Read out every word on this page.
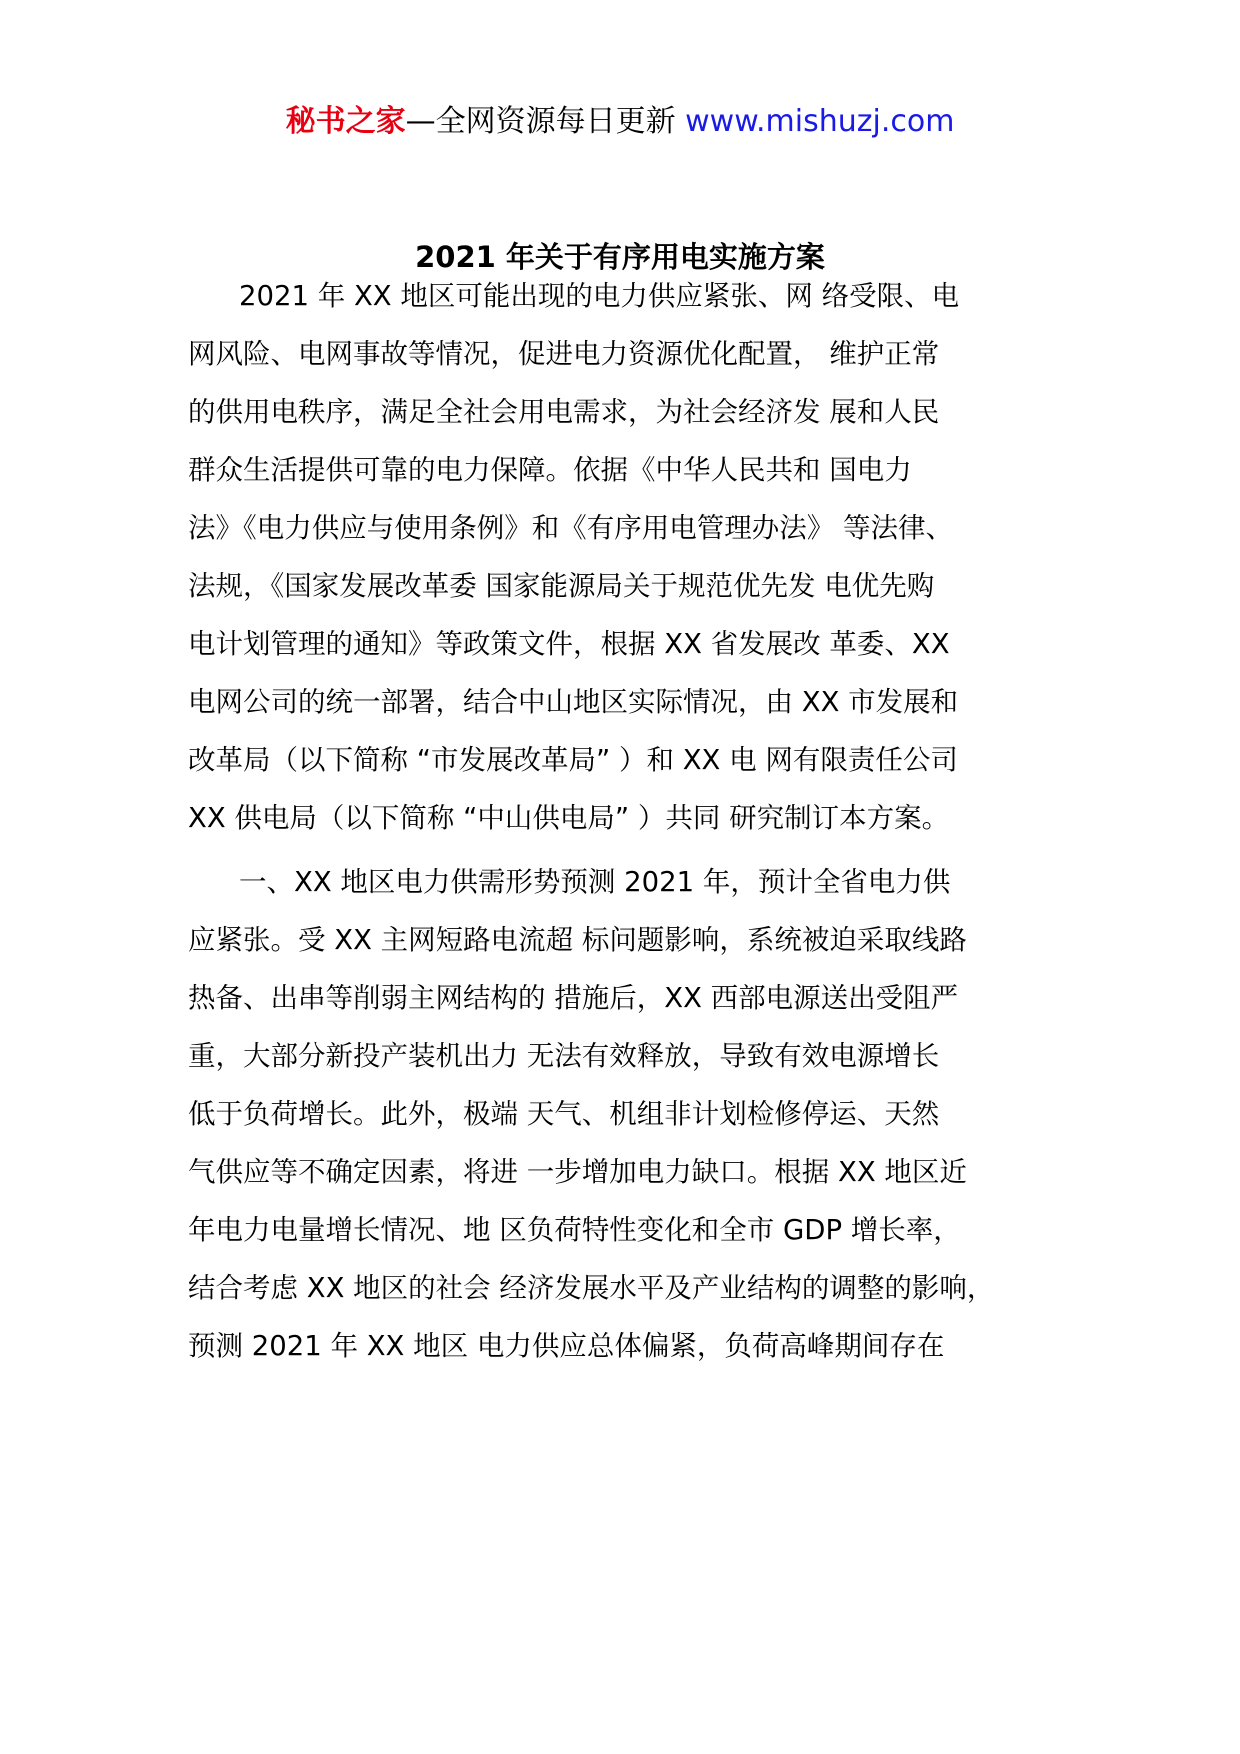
秘书之家—全网资源每日更新 www.mishuzj.com
2021 年关于有序用电实施方案
2021 年 XX 地区可能出现的电力供应紧张、网 络受限、电
网风险、电网事故等情况，促进电力资源优化配置， 维护正常
的供用电秩序，满足全社会用电需求，为社会经济发 展和人民
群众生活提供可靠的电力保障。依据《中华人民共和 国电力
法》《电力供应与使用条例》和《有序用电管理办法》 等法律、
法规，《国家发展改革委 国家能源局关于规范优先发 电优先购
电计划管理的通知》等政策文件，根据 XX 省发展改 革委、XX
电网公司的统一部署，结合中山地区实际情况，由 XX 市发展和
改革局（以下简称 “市发展改革局” ）和 XX 电 网有限责任公司
XX 供电局（以下简称 “中山供电局” ）共同 研究制订本方案。
一、XX 地区电力供需形势预测 2021 年，预计全省电力供
应紧张。受 XX 主网短路电流超 标问题影响，系统被迫采取线路
热备、出串等削弱主网结构的 措施后，XX 西部电源送出受阻严
重，大部分新投产装机出力 无法有效释放，导致有效电源增长
低于负荷增长。此外，极端 天气、机组非计划检修停运、天然
气供应等不确定因素，将进 一步增加电力缺口。根据 XX 地区近
年电力电量增长情况、地 区负荷特性变化和全市 GDP 增长率，
结合考虑 XX 地区的社会 经济发展水平及产业结构的调整的影响，
预测 2021 年 XX 地区 电力供应总体偏紧，负荷高峰期间存在
